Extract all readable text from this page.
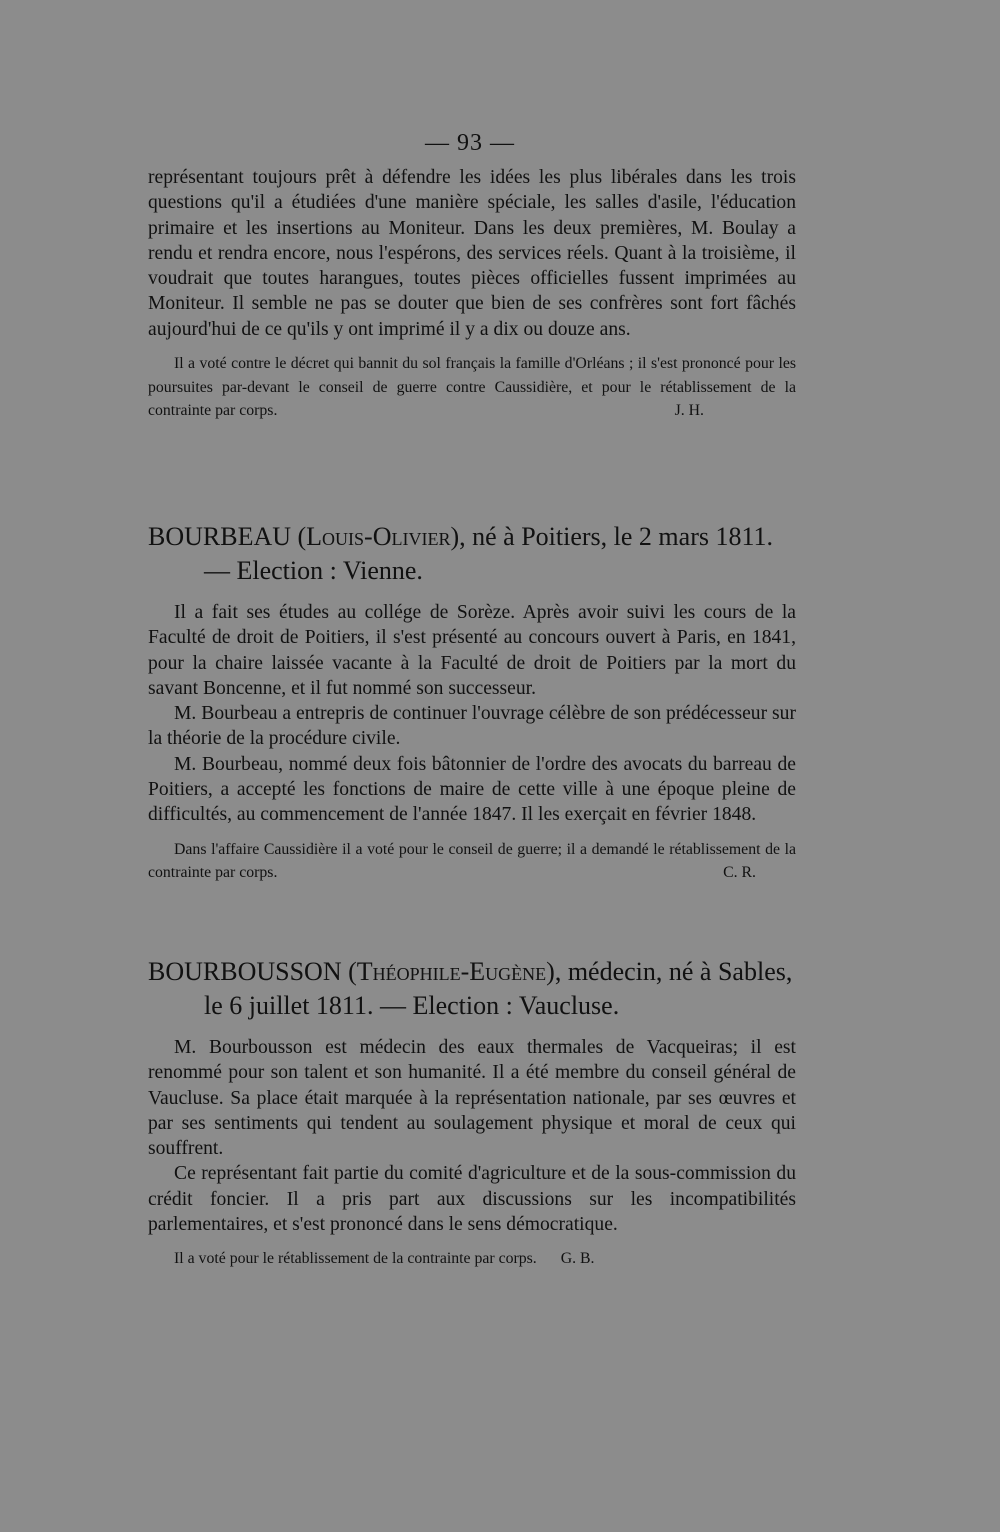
— 93 —

représentant toujours prêt à défendre les idées les plus libérales dans les trois questions qu'il a étudiées d'une manière spéciale, les salles d'asile, l'éducation primaire et les insertions au Moniteur. Dans les deux premières, M. Boulay a rendu et rendra encore, nous l'espérons, des services réels. Quant à la troisième, il voudrait que toutes harangues, toutes pièces officielles fussent imprimées au Moniteur. Il semble ne pas se douter que bien de ses confrères sont fort fâchés aujourd'hui de ce qu'ils y ont imprimé il y a dix ou douze ans.

Il a voté contre le décret qui bannit du sol français la famille d'Orléans ; il s'est prononcé pour les poursuites par-devant le conseil de guerre contre Caussidière, et pour le rétablissement de la contrainte par corps.	J. H.

BOURBEAU (Louis-Olivier), né à Poitiers, le 2 mars 1811. — Election : Vienne.

Il a fait ses études au collége de Sorèze. Après avoir suivi les cours de la Faculté de droit de Poitiers, il s'est présenté au concours ouvert à Paris, en 1841, pour la chaire laissée vacante à la Faculté de droit de Poitiers par la mort du savant Boncenne, et il fut nommé son successeur.

M. Bourbeau a entrepris de continuer l'ouvrage célèbre de son prédécesseur sur la théorie de la procédure civile.

M. Bourbeau, nommé deux fois bâtonnier de l'ordre des avocats du barreau de Poitiers, a accepté les fonctions de maire de cette ville à une époque pleine de difficultés, au commencement de l'année 1847. Il les exerçait en février 1848.

Dans l'affaire Caussidière il a voté pour le conseil de guerre; il a demandé le rétablissement de la contrainte par corps.	C. R.

BOURBOUSSON (Théophile-Eugène), médecin, né à Sables, le 6 juillet 1811. — Election : Vaucluse.

M. Bourbousson est médecin des eaux thermales de Vacqueiras; il est renommé pour son talent et son humanité. Il a été membre du conseil général de Vaucluse. Sa place était marquée à la représentation nationale, par ses œuvres et par ses sentiments qui tendent au soulagement physique et moral de ceux qui souffrent.

Ce représentant fait partie du comité d'agriculture et de la sous-commission du crédit foncier. Il a pris part aux discussions sur les incompatibilités parlementaires, et s'est prononcé dans le sens démocratique.

Il a voté pour le rétablissement de la contrainte par corps. G. B.
